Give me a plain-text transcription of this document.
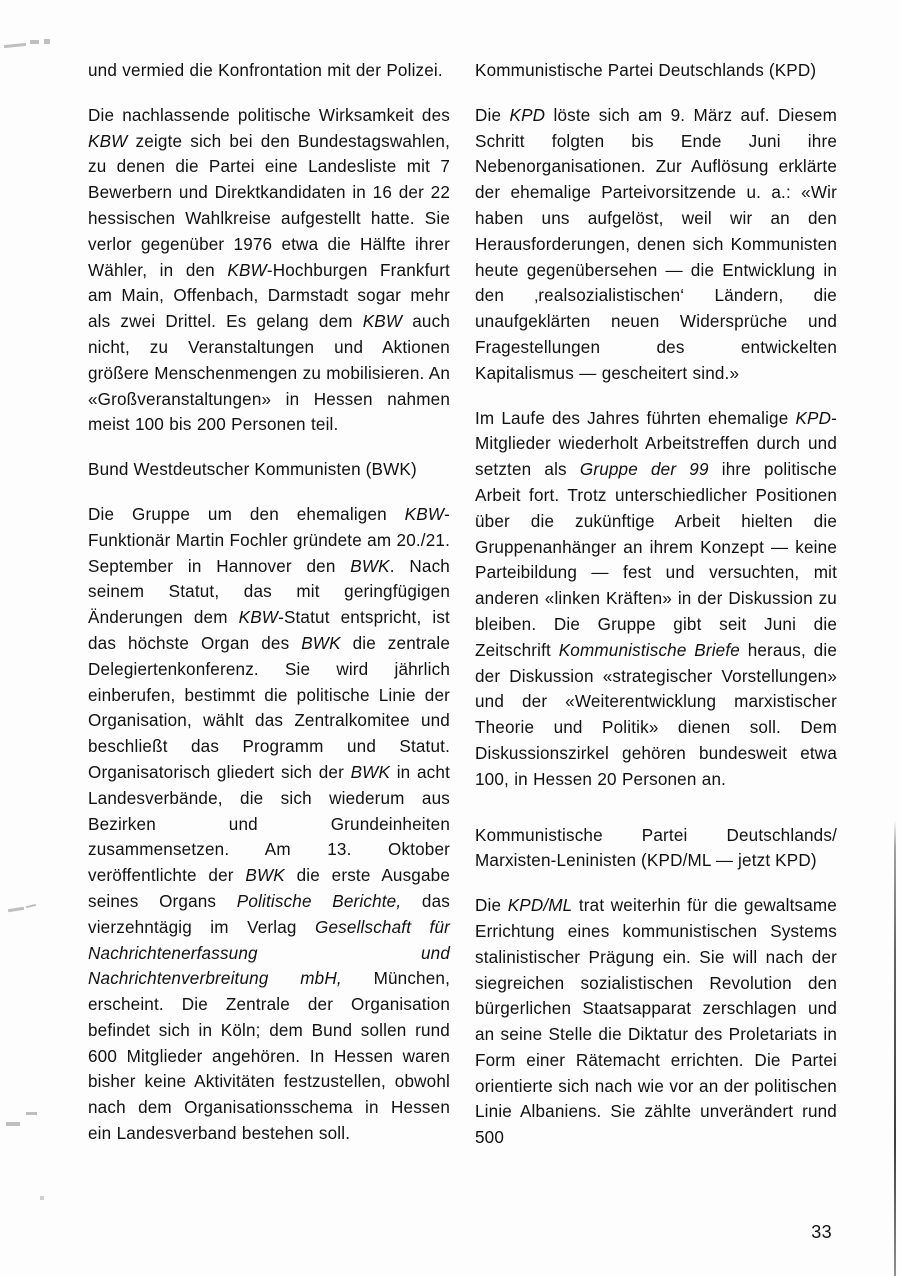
und vermied die Konfrontation mit der Polizei.

Die nachlassende politische Wirksamkeit des KBW zeigte sich bei den Bundestagswahlen, zu denen die Partei eine Landesliste mit 7 Bewerbern und Direktkandidaten in 16 der 22 hessischen Wahlkreise aufgestellt hatte. Sie verlor gegenüber 1976 etwa die Hälfte ihrer Wähler, in den KBW-Hochburgen Frankfurt am Main, Offenbach, Darmstadt sogar mehr als zwei Drittel. Es gelang dem KBW auch nicht, zu Veranstaltungen und Aktionen größere Menschenmengen zu mobilisieren. An «Großveranstaltungen» in Hessen nahmen meist 100 bis 200 Personen teil.

Bund Westdeutscher Kommunisten (BWK)

Die Gruppe um den ehemaligen KBW-Funktionär Martin Fochler gründete am 20./21. September in Hannover den BWK. Nach seinem Statut, das mit geringfügigen Änderungen dem KBW-Statut entspricht, ist das höchste Organ des BWK die zentrale Delegiertenkonferenz. Sie wird jährlich einberufen, bestimmt die politische Linie der Organisation, wählt das Zentralkomitee und beschließt das Programm und Statut. Organisatorisch gliedert sich der BWK in acht Landesverbände, die sich wiederum aus Bezirken und Grundeinheiten zusammensetzen. Am 13. Oktober veröffentlichte der BWK die erste Ausgabe seines Organs Politische Berichte, das vierzehntägig im Verlag Gesellschaft für Nachrichtenerfassung und Nachrichtenverbreitung mbH, München, erscheint. Die Zentrale der Organisation befindet sich in Köln; dem Bund sollen rund 600 Mitglieder angehören. In Hessen waren bisher keine Aktivitäten festzustellen, obwohl nach dem Organisationsschema in Hessen ein Landesverband bestehen soll.

Kommunistische Partei Deutschlands (KPD)

Die KPD löste sich am 9. März auf. Diesem Schritt folgten bis Ende Juni ihre Nebenorganisationen. Zur Auflösung erklärte der ehemalige Parteivorsitzende u. a.: «Wir haben uns aufgelöst, weil wir an den Herausforderungen, denen sich Kommunisten heute gegenübersehen — die Entwicklung in den ‚realsozialistischen‘ Ländern, die unaufgeklärten neuen Widersprüche und Fragestellungen des entwickelten Kapitalismus — gescheitert sind.»

Im Laufe des Jahres führten ehemalige KPD-Mitglieder wiederholt Arbeitstreffen durch und setzten als Gruppe der 99 ihre politische Arbeit fort. Trotz unterschiedlicher Positionen über die zukünftige Arbeit hielten die Gruppenanhänger an ihrem Konzept — keine Parteibildung — fest und versuchten, mit anderen «linken Kräften» in der Diskussion zu bleiben. Die Gruppe gibt seit Juni die Zeitschrift Kommunistische Briefe heraus, die der Diskussion «strategischer Vorstellungen» und der «Weiterentwicklung marxistischer Theorie und Politik» dienen soll. Dem Diskussionszirkel gehören bundesweit etwa 100, in Hessen 20 Personen an.

Kommunistische Partei Deutschlands/ Marxisten-Leninisten (KPD/ML — jetzt KPD)

Die KPD/ML trat weiterhin für die gewaltsame Errichtung eines kommunistischen Systems stalinistischer Prägung ein. Sie will nach der siegreichen sozialistischen Revolution den bürgerlichen Staatsapparat zerschlagen und an seine Stelle die Diktatur des Proletariats in Form einer Rätemacht errichten. Die Partei orientierte sich nach wie vor an der politischen Linie Albaniens. Sie zählte unverändert rund 500

33
